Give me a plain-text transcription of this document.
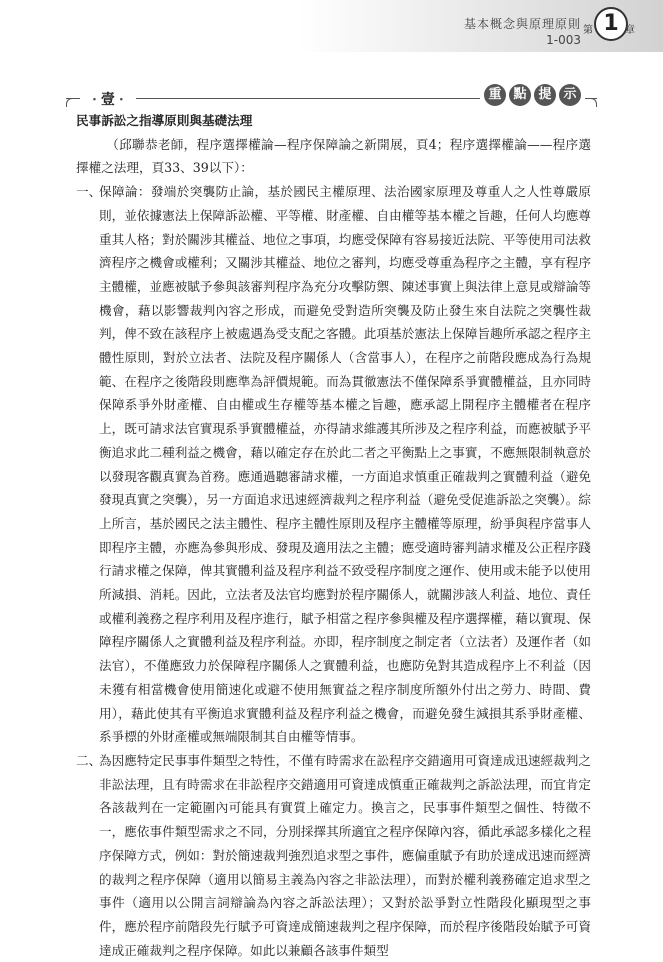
基本概念與原理原則
1-003
第 1 章
· 壹 ·	重 點 提 示

民事訴訟之指導原則與基礎法理

（邱聯恭老師，程序選擇權論—程序保障論之新開展，頁4；程序選擇權論——程序選擇權之法理，頁33、39以下）：

一、

保障論：發端於突襲防止論，基於國民主權原理、法治國家原理及尊重人之人性尊嚴原則，並依據憲法上保障訴訟權、平等權、財產權、自由權等基本權之旨趣，任何人均應尊重其人格；對於關涉其權益、地位之事項，均應受保障有容易接近法院、平等使用司法救濟程序之機會或權利；又關涉其權益、地位之審判，均應受尊重為程序之主體，享有程序主體權，並應被賦予參與該審判程序為充分攻擊防禦、陳述事實上與法律上意見或辯論等機會，藉以影響裁判內容之形成，而避免受對造所突襲及防止發生來自法院之突襲性裁判，俾不致在該程序上被處遇為受支配之客體。此項基於憲法上保障旨趣所承認之程序主體性原則，對於立法者、法院及程序關係人（含當事人），在程序之前階段應成為行為規範、在程序之後階段則應準為評價規範。而為貫徹憲法不僅保障系爭實體權益，且亦同時保障系爭外財產權、自由權或生存權等基本權之旨趣，應承認上開程序主體權者在程序上，既可請求法官實現系爭實體權益，亦得請求維護其所涉及之程序利益，而應被賦予平衡追求此二種利益之機會，藉以確定存在於此二者之平衡點上之事實，不應無限制執意於以發現客觀真實為首務。應通過聽審請求權，一方面追求慎重正確裁判之實體利益（避免發現真實之突襲），另一方面追求迅速經濟裁判之程序利益（避免受促進訴訟之突襲）。綜上所言，基於國民之法主體性、程序主體性原則及程序主體權等原理，紛爭與程序當事人即程序主體，亦應為參與形成、發現及適用法之主體；應受適時審判請求權及公正程序踐行請求權之保障，俾其實體利益及程序利益不致受程序制度之運作、使用或未能予以使用所減損、消耗。因此，立法者及法官均應對於程序關係人，就關涉該人利益、地位、責任或權利義務之程序利用及程序進行，賦予相當之程序參與權及程序選擇權，藉以實現、保障程序關係人之實體利益及程序利益。亦即，程序制度之制定者（立法者）及運作者（如法官），不僅應致力於保障程序關係人之實體利益，也應防免對其造成程序上不利益（因未獲有相當機會使用簡速化或避不使用無實益之程序制度所額外付出之勞力、時間、費用），藉此使其有平衡追求實體利益及程序利益之機會，而避免發生減損其系爭財產權、系爭標的外財產權或無端限制其自由權等情事。

二、

為因應特定民事事件類型之特性，不僅有時需求在訟程序交錯適用可資達成迅速經裁判之非訟法理，且有時需求在非訟程序交錯適用可資達成慎重正確裁判之訴訟法理，而宜肯定各該裁判在一定範圍內可能具有實質上確定力。換言之，民事事件類型之個性、特徵不一，應依事件類型需求之不同，分別採擇其所適宜之程序保障內容，循此承認多樣化之程序保障方式，例如：對於簡速裁判強烈追求型之事件，應偏重賦予有助於達成迅速而經濟的裁判之程序保障（適用以簡易主義為內容之非訟法理），而對於權利義務確定追求型之事件（適用以公開言詞辯論為內容之訴訟法理）；又對於訟爭對立性階段化顯現型之事件，應於程序前階段先行賦予可資達成簡速裁判之程序保障，而於程序後階段始賦予可資達成正確裁判之程序保障。如此以兼顧各該事件類型
